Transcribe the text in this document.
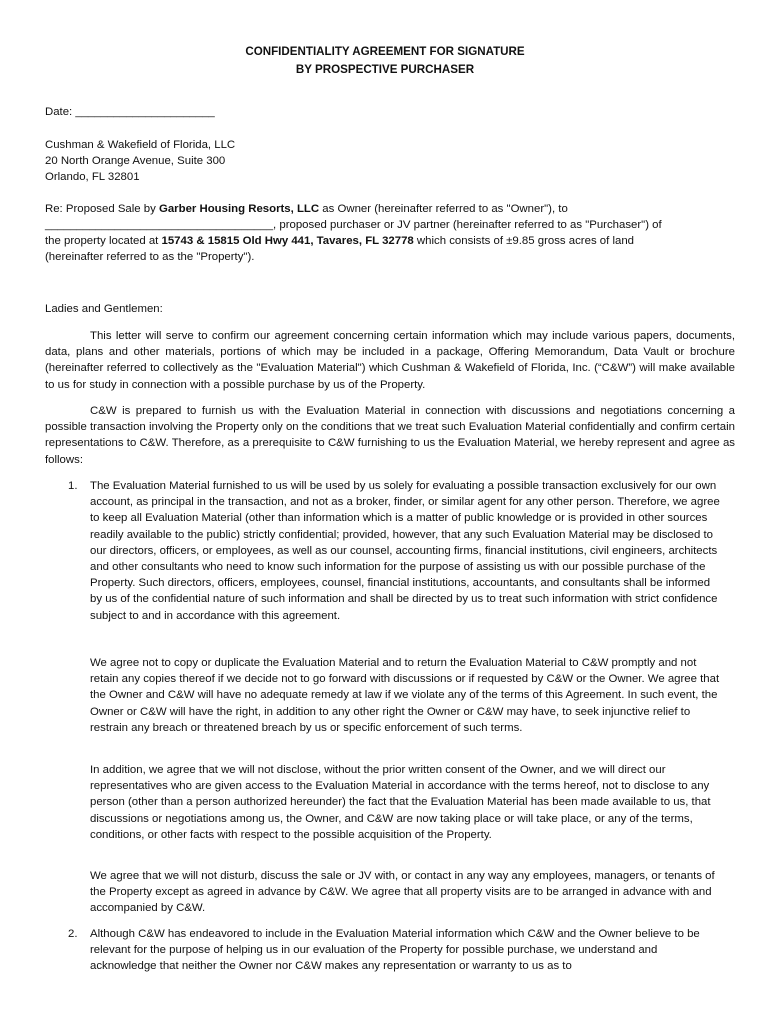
CONFIDENTIALITY AGREEMENT FOR SIGNATURE
BY PROSPECTIVE PURCHASER
Date: ______________________
Cushman & Wakefield of Florida, LLC
20 North Orange Avenue, Suite 300
Orlando, FL 32801
Re: Proposed Sale by Garber Housing Resorts, LLC as Owner (hereinafter referred to as "Owner"), to
____________________________________, proposed purchaser or JV partner (hereinafter referred to as "Purchaser") of
the property located at 15743 & 15815 Old Hwy 441, Tavares, FL 32778 which consists of ±9.85 gross acres of land
(hereinafter referred to as the "Property").
Ladies and Gentlemen:
This letter will serve to confirm our agreement concerning certain information which may include various papers, documents, data, plans and other materials, portions of which may be included in a package, Offering Memorandum, Data Vault or brochure (hereinafter referred to collectively as the "Evaluation Material") which Cushman & Wakefield of Florida, Inc. (“C&W”) will make available to us for study in connection with a possible purchase by us of the Property.
C&W is prepared to furnish us with the Evaluation Material in connection with discussions and negotiations concerning a possible transaction involving the Property only on the conditions that we treat such Evaluation Material confidentially and confirm certain representations to C&W. Therefore, as a prerequisite to C&W furnishing to us the Evaluation Material, we hereby represent and agree as follows:
1. The Evaluation Material furnished to us will be used by us solely for evaluating a possible transaction exclusively for our own account, as principal in the transaction, and not as a broker, finder, or similar agent for any other person. Therefore, we agree to keep all Evaluation Material (other than information which is a matter of public knowledge or is provided in other sources readily available to the public) strictly confidential; provided, however, that any such Evaluation Material may be disclosed to our directors, officers, or employees, as well as our counsel, accounting firms, financial institutions, civil engineers, architects and other consultants who need to know such information for the purpose of assisting us with our possible purchase of the Property. Such directors, officers, employees, counsel, financial institutions, accountants, and consultants shall be informed by us of the confidential nature of such information and shall be directed by us to treat such information with strict confidence subject to and in accordance with this agreement.
We agree not to copy or duplicate the Evaluation Material and to return the Evaluation Material to C&W promptly and not retain any copies thereof if we decide not to go forward with discussions or if requested by C&W or the Owner. We agree that the Owner and C&W will have no adequate remedy at law if we violate any of the terms of this Agreement. In such event, the Owner or C&W will have the right, in addition to any other right the Owner or C&W may have, to seek injunctive relief to restrain any breach or threatened breach by us or specific enforcement of such terms.
In addition, we agree that we will not disclose, without the prior written consent of the Owner, and we will direct our representatives who are given access to the Evaluation Material in accordance with the terms hereof, not to disclose to any person (other than a person authorized hereunder) the fact that the Evaluation Material has been made available to us, that discussions or negotiations among us, the Owner, and C&W are now taking place or will take place, or any of the terms, conditions, or other facts with respect to the possible acquisition of the Property.
We agree that we will not disturb, discuss the sale or JV with, or contact in any way any employees, managers, or tenants of the Property except as agreed in advance by C&W. We agree that all property visits are to be arranged in advance with and accompanied by C&W.
2. Although C&W has endeavored to include in the Evaluation Material information which C&W and the Owner believe to be relevant for the purpose of helping us in our evaluation of the Property for possible purchase, we understand and acknowledge that neither the Owner nor C&W makes any representation or warranty to us as to
